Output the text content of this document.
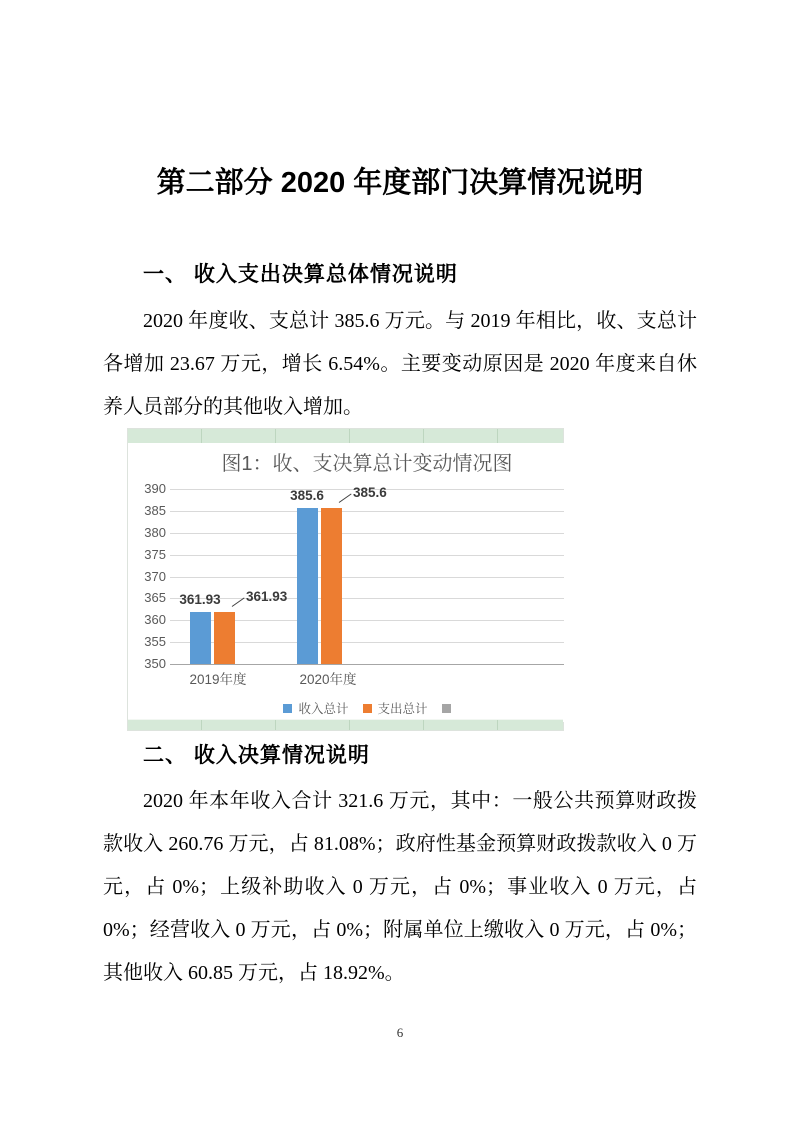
第二部分 2020 年度部门决算情况说明
一、 收入支出决算总体情况说明

2020 年度收、支总计 385.6 万元。与 2019 年相比，收、支总计各增加 23.67 万元，增长 6.54%。主要变动原因是 2020 年度来自休养人员部分的其他收入增加。

图1：收、支决算总计变动情况图
390
385
380
375
370
365
360
355
350
361.93
385.6
361.93
385.6
2019年度	2020年度
收入总计 支出总计
二、 收入决算情况说明

2020 年本年收入合计 321.6 万元，其中：一般公共预算财政拨款收入 260.76 万元，占 81.08%；政府性基金预算财政拨款收入 0 万元，占 0%；上级补助收入 0 万元，占 0%；事业收入 0 万元，占 0%；经营收入 0 万元，占 0%；附属单位上缴收入 0 万元，占 0%；其他收入 60.85 万元，占 18.92%。

6
